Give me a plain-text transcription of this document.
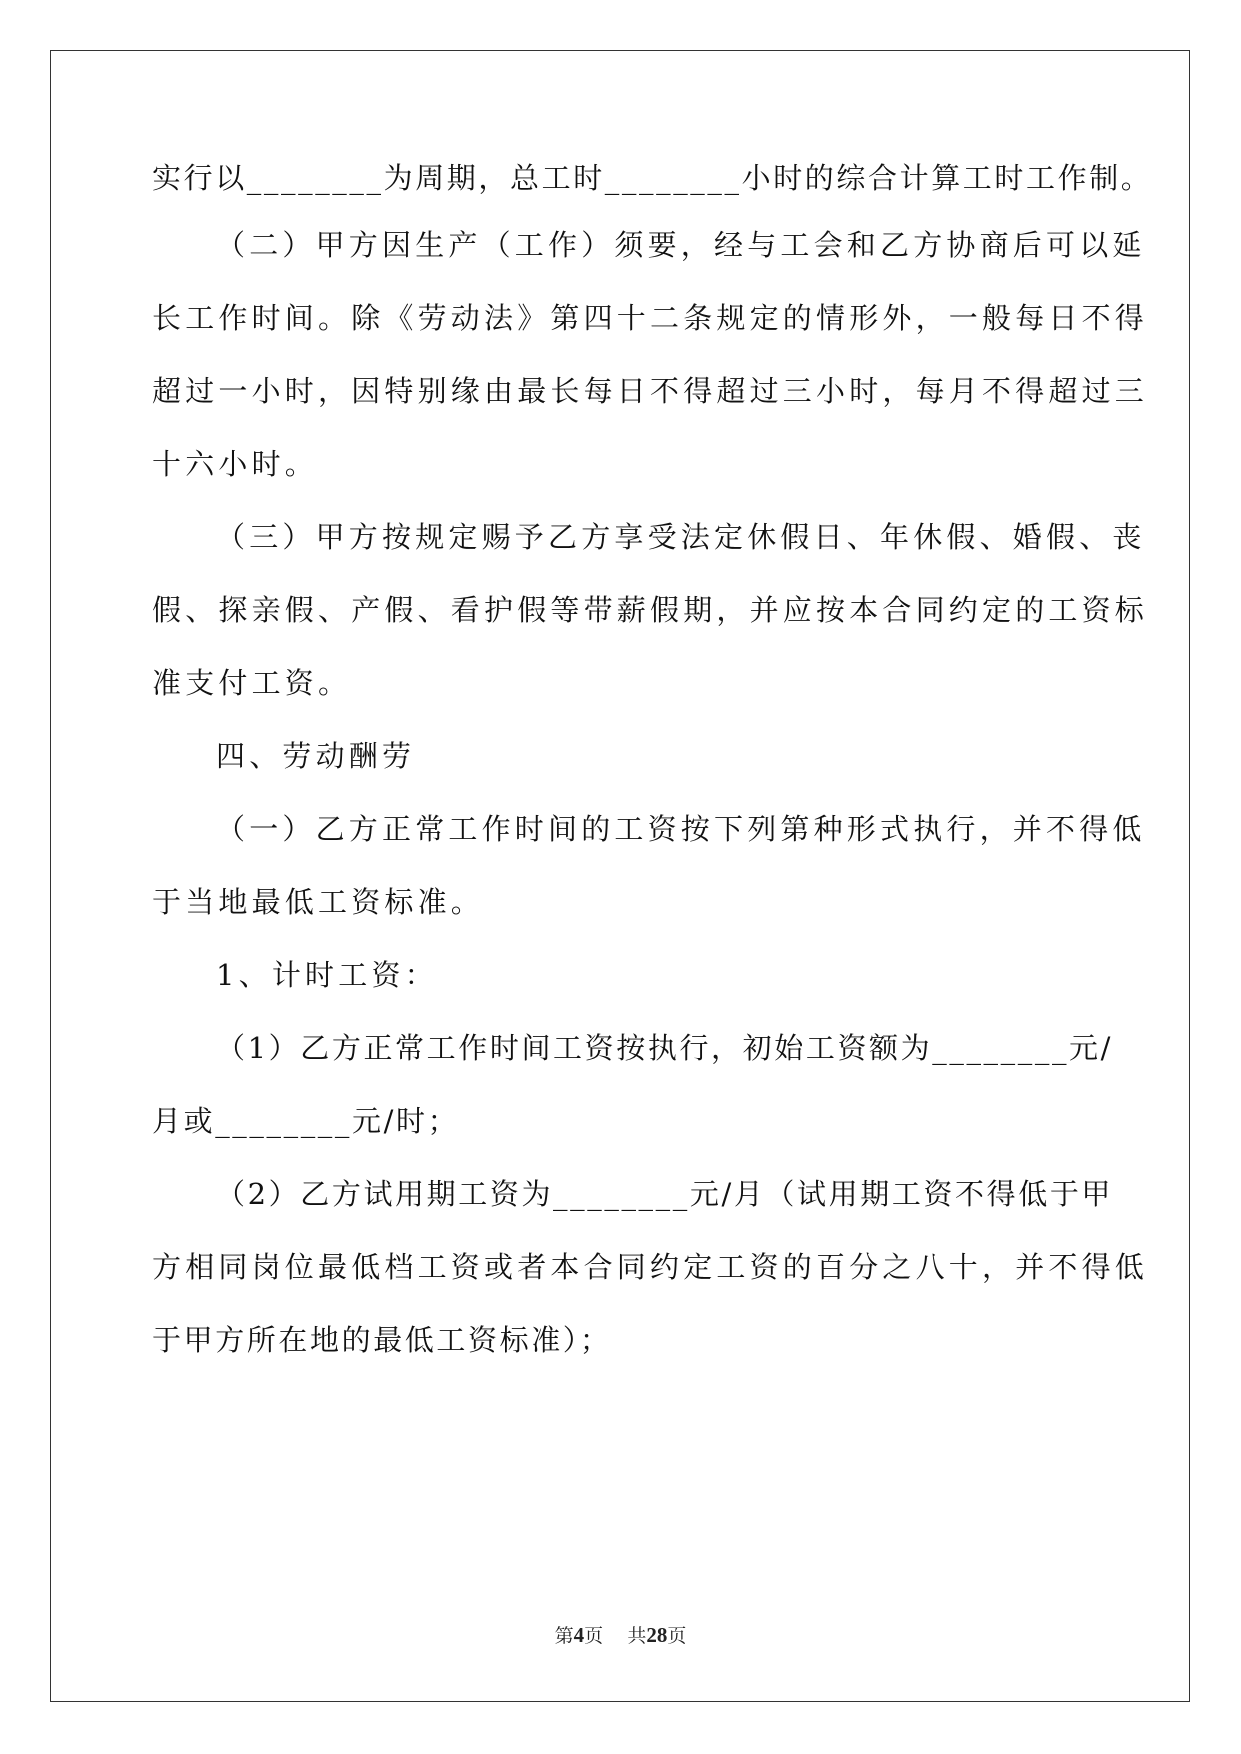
实行以________为周期，总工时________小时的综合计算工时工作制。
（二）甲方因生产（工作）须要，经与工会和乙方协商后可以延
长工作时间。除《劳动法》第四十二条规定的情形外，一般每日不得
超过一小时，因特别缘由最长每日不得超过三小时，每月不得超过三
十六小时。
（三）甲方按规定赐予乙方享受法定休假日、年休假、婚假、丧
假、探亲假、产假、看护假等带薪假期，并应按本合同约定的工资标
准支付工资。
四、劳动酬劳
（一）乙方正常工作时间的工资按下列第种形式执行，并不得低
于当地最低工资标准。
1、计时工资：
（1）乙方正常工作时间工资按执行，初始工资额为________元/
月或________元/时；
（2）乙方试用期工资为________元/月（试用期工资不得低于甲
方相同岗位最低档工资或者本合同约定工资的百分之八十，并不得低
于甲方所在地的最低工资标准）；
第4页 共28页
